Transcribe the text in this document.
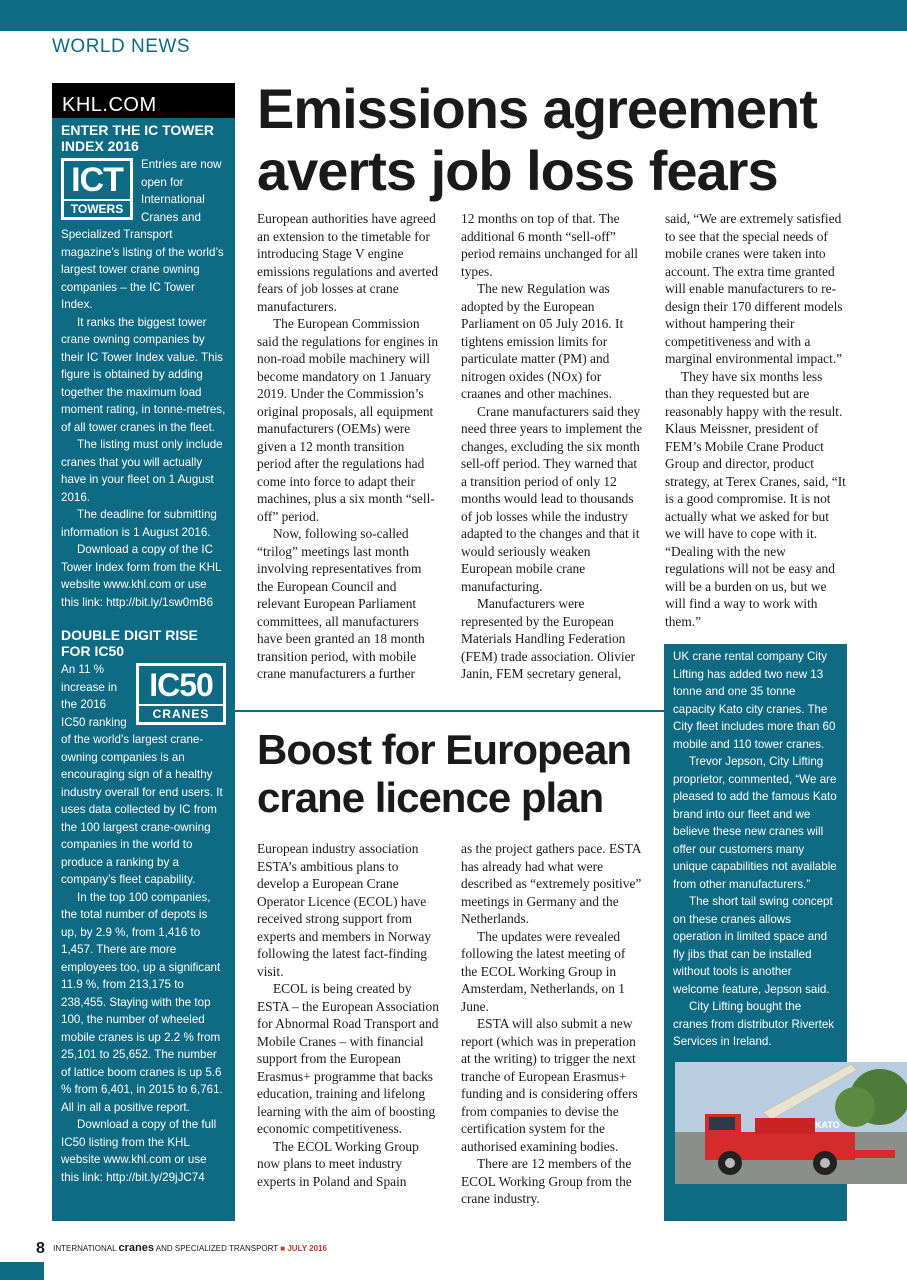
WORLD NEWS
KHL.COM
ENTER THE IC TOWER INDEX 2016
ICT
TOWERS

Entries are now open for International Cranes and Specialized Transport magazine’s listing of the world’s largest tower crane owning companies – the IC Tower Index.

It ranks the biggest tower crane owning companies by their IC Tower Index value. This figure is obtained by adding together the maximum load moment rating, in tonne-metres, of all tower cranes in the fleet.

The listing must only include cranes that you will actually have in your fleet on 1 August 2016.

The deadline for submitting information is 1 August 2016.

Download a copy of the IC Tower Index form from the KHL website www.khl.com or use this link: http://bit.ly/1sw0mB6

DOUBLE DIGIT RISE FOR IC50
IC50
CRANES

An 11 % increase in the 2016 IC50 ranking of the world’s largest crane-owning companies is an encouraging sign of a healthy industry overall for end users. It uses data collected by IC from the 100 largest crane-owning companies in the world to produce a ranking by a company’s fleet capability.

In the top 100 companies, the total number of depots is up, by 2.9 %, from 1,416 to 1,457. There are more employees too, up a significant 11.9 %, from 213,175 to 238,455. Staying with the top 100, the number of wheeled mobile cranes is up 2.2 % from 25,101 to 25,652. The number of lattice boom cranes is up 5.6 % from 6,401, in 2015 to 6,761. All in all a positive report.

Download a copy of the full IC50 listing from the KHL website www.khl.com or use this link: http://bit.ly/29jJC74

Emissions agreement
averts job loss fears

European authorities have agreed an extension to the timetable for introducing Stage V engine emissions regulations and averted fears of job losses at crane manufacturers.

The European Commission said the regulations for engines in non-road mobile machinery will become mandatory on 1 January 2019. Under the Commission’s original proposals, all equipment manufacturers (OEMs) were given a 12 month transition period after the regulations had come into force to adapt their machines, plus a six month “sell-off” period.

Now, following so-called “trilog” meetings last month involving representatives from the European Council and relevant European Parliament committees, all manufacturers have been granted an 18 month transition period, with mobile crane manufacturers a further

12 months on top of that. The additional 6 month “sell-off” period remains unchanged for all types.

The new Regulation was adopted by the European Parliament on 05 July 2016. It tightens emission limits for particulate matter (PM) and nitrogen oxides (NOx) for craanes and other machines.

Crane manufacturers said they need three years to implement the changes, excluding the six month sell-off period. They warned that a transition period of only 12 months would lead to thousands of job losses while the industry adapted to the changes and that it would seriously weaken European mobile crane manufacturing.

Manufacturers were represented by the European Materials Handling Federation (FEM) trade association. Olivier Janin, FEM secretary general,

said, “We are extremely satisfied to see that the special needs of mobile cranes were taken into account. The extra time granted will enable manufacturers to re-design their 170 different models without hampering their competitiveness and with a marginal environmental impact.”

They have six months less than they requested but are reasonably happy with the result. Klaus Meissner, president of FEM’s Mobile Crane Product Group and director, product strategy, at Terex Cranes, said, “It is a good compromise. It is not actually what we asked for but we will have to cope with it. “Dealing with the new regulations will not be easy and will be a burden on us, but we will find a way to work with them.”

Boost for European
crane licence plan

European industry association ESTA’s ambitious plans to develop a European Crane Operator Licence (ECOL) have received strong support from experts and members in Norway following the latest fact-finding visit.

ECOL is being created by ESTA – the European Association for Abnormal Road Transport and Mobile Cranes – with financial support from the European Erasmus+ programme that backs education, training and lifelong learning with the aim of boosting economic competitiveness.

The ECOL Working Group now plans to meet industry experts in Poland and Spain

as the project gathers pace. ESTA has already had what were described as “extremely positive” meetings in Germany and the Netherlands.

The updates were revealed following the latest meeting of the ECOL Working Group in Amsterdam, Netherlands, on 1 June.

ESTA will also submit a new report (which was in preperation at the writing) to trigger the next tranche of European Erasmus+ funding and is considering offers from companies to devise the certification system for the authorised examining bodies.

There are 12 members of the ECOL Working Group from the crane industry.

UK crane rental company City Lifting has added two new 13 tonne and one 35 tonne capacity Kato city cranes. The City fleet includes more than 60 mobile and 110 tower cranes.

Trevor Jepson, City Lifting proprietor, commented, “We are pleased to add the famous Kato brand into our fleet and we believe these new cranes will offer our customers many unique capabilities not available from other manufacturers.”

The short tail swing concept on these cranes allows operation in limited space and fly jibs that can be installed without tools is another welcome feature, Jepson said.

City Lifting bought the cranes from distributor Rivertek Services in Ireland.

KATO
8 INTERNATIONAL cranes AND SPECIALIZED TRANSPORT ■ JULY 2016
